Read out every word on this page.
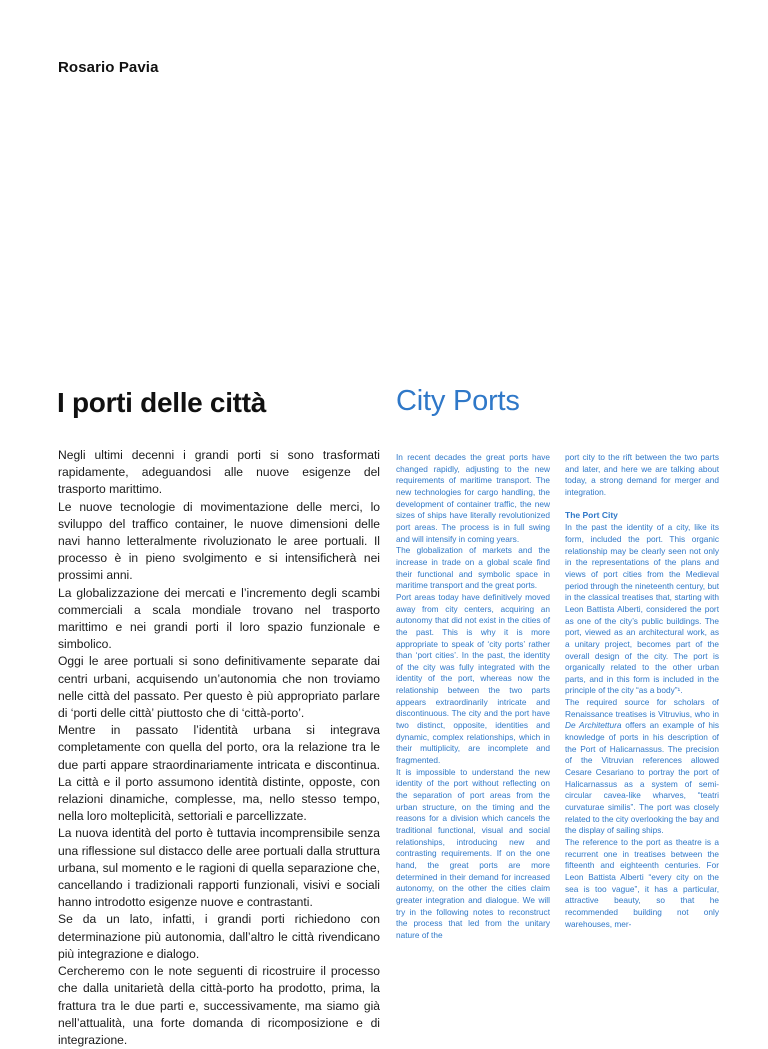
Rosario Pavia
I porti delle città	City Ports

Negli ultimi decenni i grandi porti si sono trasformati rapidamente, adeguandosi alle nuove esigenze del trasporto marittimo.

Le nuove tecnologie di movimentazione delle merci, lo sviluppo del traffico container, le nuove dimensioni delle navi hanno letteralmente rivoluzionato le aree portuali. Il processo è in pieno svolgimento e si intensificherà nei prossimi anni.

La globalizzazione dei mercati e l’incremento degli scambi commerciali a scala mondiale trovano nel trasporto marittimo e nei grandi porti il loro spazio funzionale e simbolico.

Oggi le aree portuali si sono definitivamente separate dai centri urbani, acquisendo un’autonomia che non troviamo nelle città del passato. Per questo è più appropriato parlare di ‘porti delle città’ piuttosto che di ‘città-porto’.

Mentre in passato l’identità urbana si integrava completamente con quella del porto, ora la relazione tra le due parti appare straordinariamente intricata e discontinua. La città e il porto assumono identità distinte, opposte, con relazioni dinamiche, complesse, ma, nello stesso tempo, nella loro molteplicità, settoriali e parcellizzate.

La nuova identità del porto è tuttavia incomprensibile senza una riflessione sul distacco delle aree portuali dalla struttura urbana, sul momento e le ragioni di quella separazione che, cancellando i tradizionali rapporti funzionali, visivi e sociali hanno introdotto esigenze nuove e contrastanti.

Se da un lato, infatti, i grandi porti richiedono con determinazione più autonomia, dall’altro le città rivendicano più integrazione e dialogo.

Cercheremo con le note seguenti di ricostruire il processo che dalla unitarietà della città-porto ha prodotto, prima, la frattura tra le due parti e, successivamente, ma siamo già nell’attualità, una forte domanda di ricomposizione e di integrazione.

In recent decades the great ports have changed rapidly, adjusting to the new requirements of maritime transport. The new technologies for cargo handling, the development of container traffic, the new sizes of ships have literally revolutionized port areas. The process is in full swing and will intensify in coming years.

The globalization of markets and the increase in trade on a global scale find their functional and symbolic space in maritime transport and the great ports.

Port areas today have definitively moved away from city centers, acquiring an autonomy that did not exist in the cities of the past. This is why it is more appropriate to speak of ‘city ports’ rather than ‘port cities’. In the past, the identity of the city was fully integrated with the identity of the port, whereas now the relationship between the two parts appears extraordinarily intricate and discontinuous. The city and the port have two distinct, opposite, identities and dynamic, complex relationships, which in their multiplicity, are incomplete and fragmented.

It is impossible to understand the new identity of the port without reflecting on the separation of port areas from the urban structure, on the timing and the reasons for a division which cancels the traditional functional, visual and social relationships, introducing new and contrasting requirements. If on the one hand, the great ports are more determined in their demand for increased autonomy, on the other the cities claim greater integration and dialogue. We will try in the following notes to reconstruct the process that led from the unitary nature of the

port city to the rift between the two parts and later, and here we are talking about today, a strong demand for merger and integration.

The Port City

In the past the identity of a city, like its form, included the port. This organic relationship may be clearly seen not only in the representations of the plans and views of port cities from the Medieval period through the nineteenth century, but in the classical treatises that, starting with Leon Battista Alberti, considered the port as one of the city’s public buildings. The port, viewed as an architectural work, as a unitary project, becomes part of the overall design of the city. The port is organically related to the other urban parts, and in this form is included in the principle of the city “as a body”¹.

The required source for scholars of Renaissance treatises is Vitruvius, who in De Architettura offers an example of his knowledge of ports in his description of the Port of Halicarnassus. The precision of the Vitruvian references allowed Cesare Cesariano to portray the port of Halicarnassus as a system of semi-circular cavea-like wharves, “teatri curvaturae similis”. The port was closely related to the city overlooking the bay and the display of sailing ships.

The reference to the port as theatre is a recurrent one in treatises between the fifteenth and eighteenth centuries. For Leon Battista Alberti “every city on the sea is too vague”, it has a particular, attractive beauty, so that he recommended building not only warehouses, mer-
